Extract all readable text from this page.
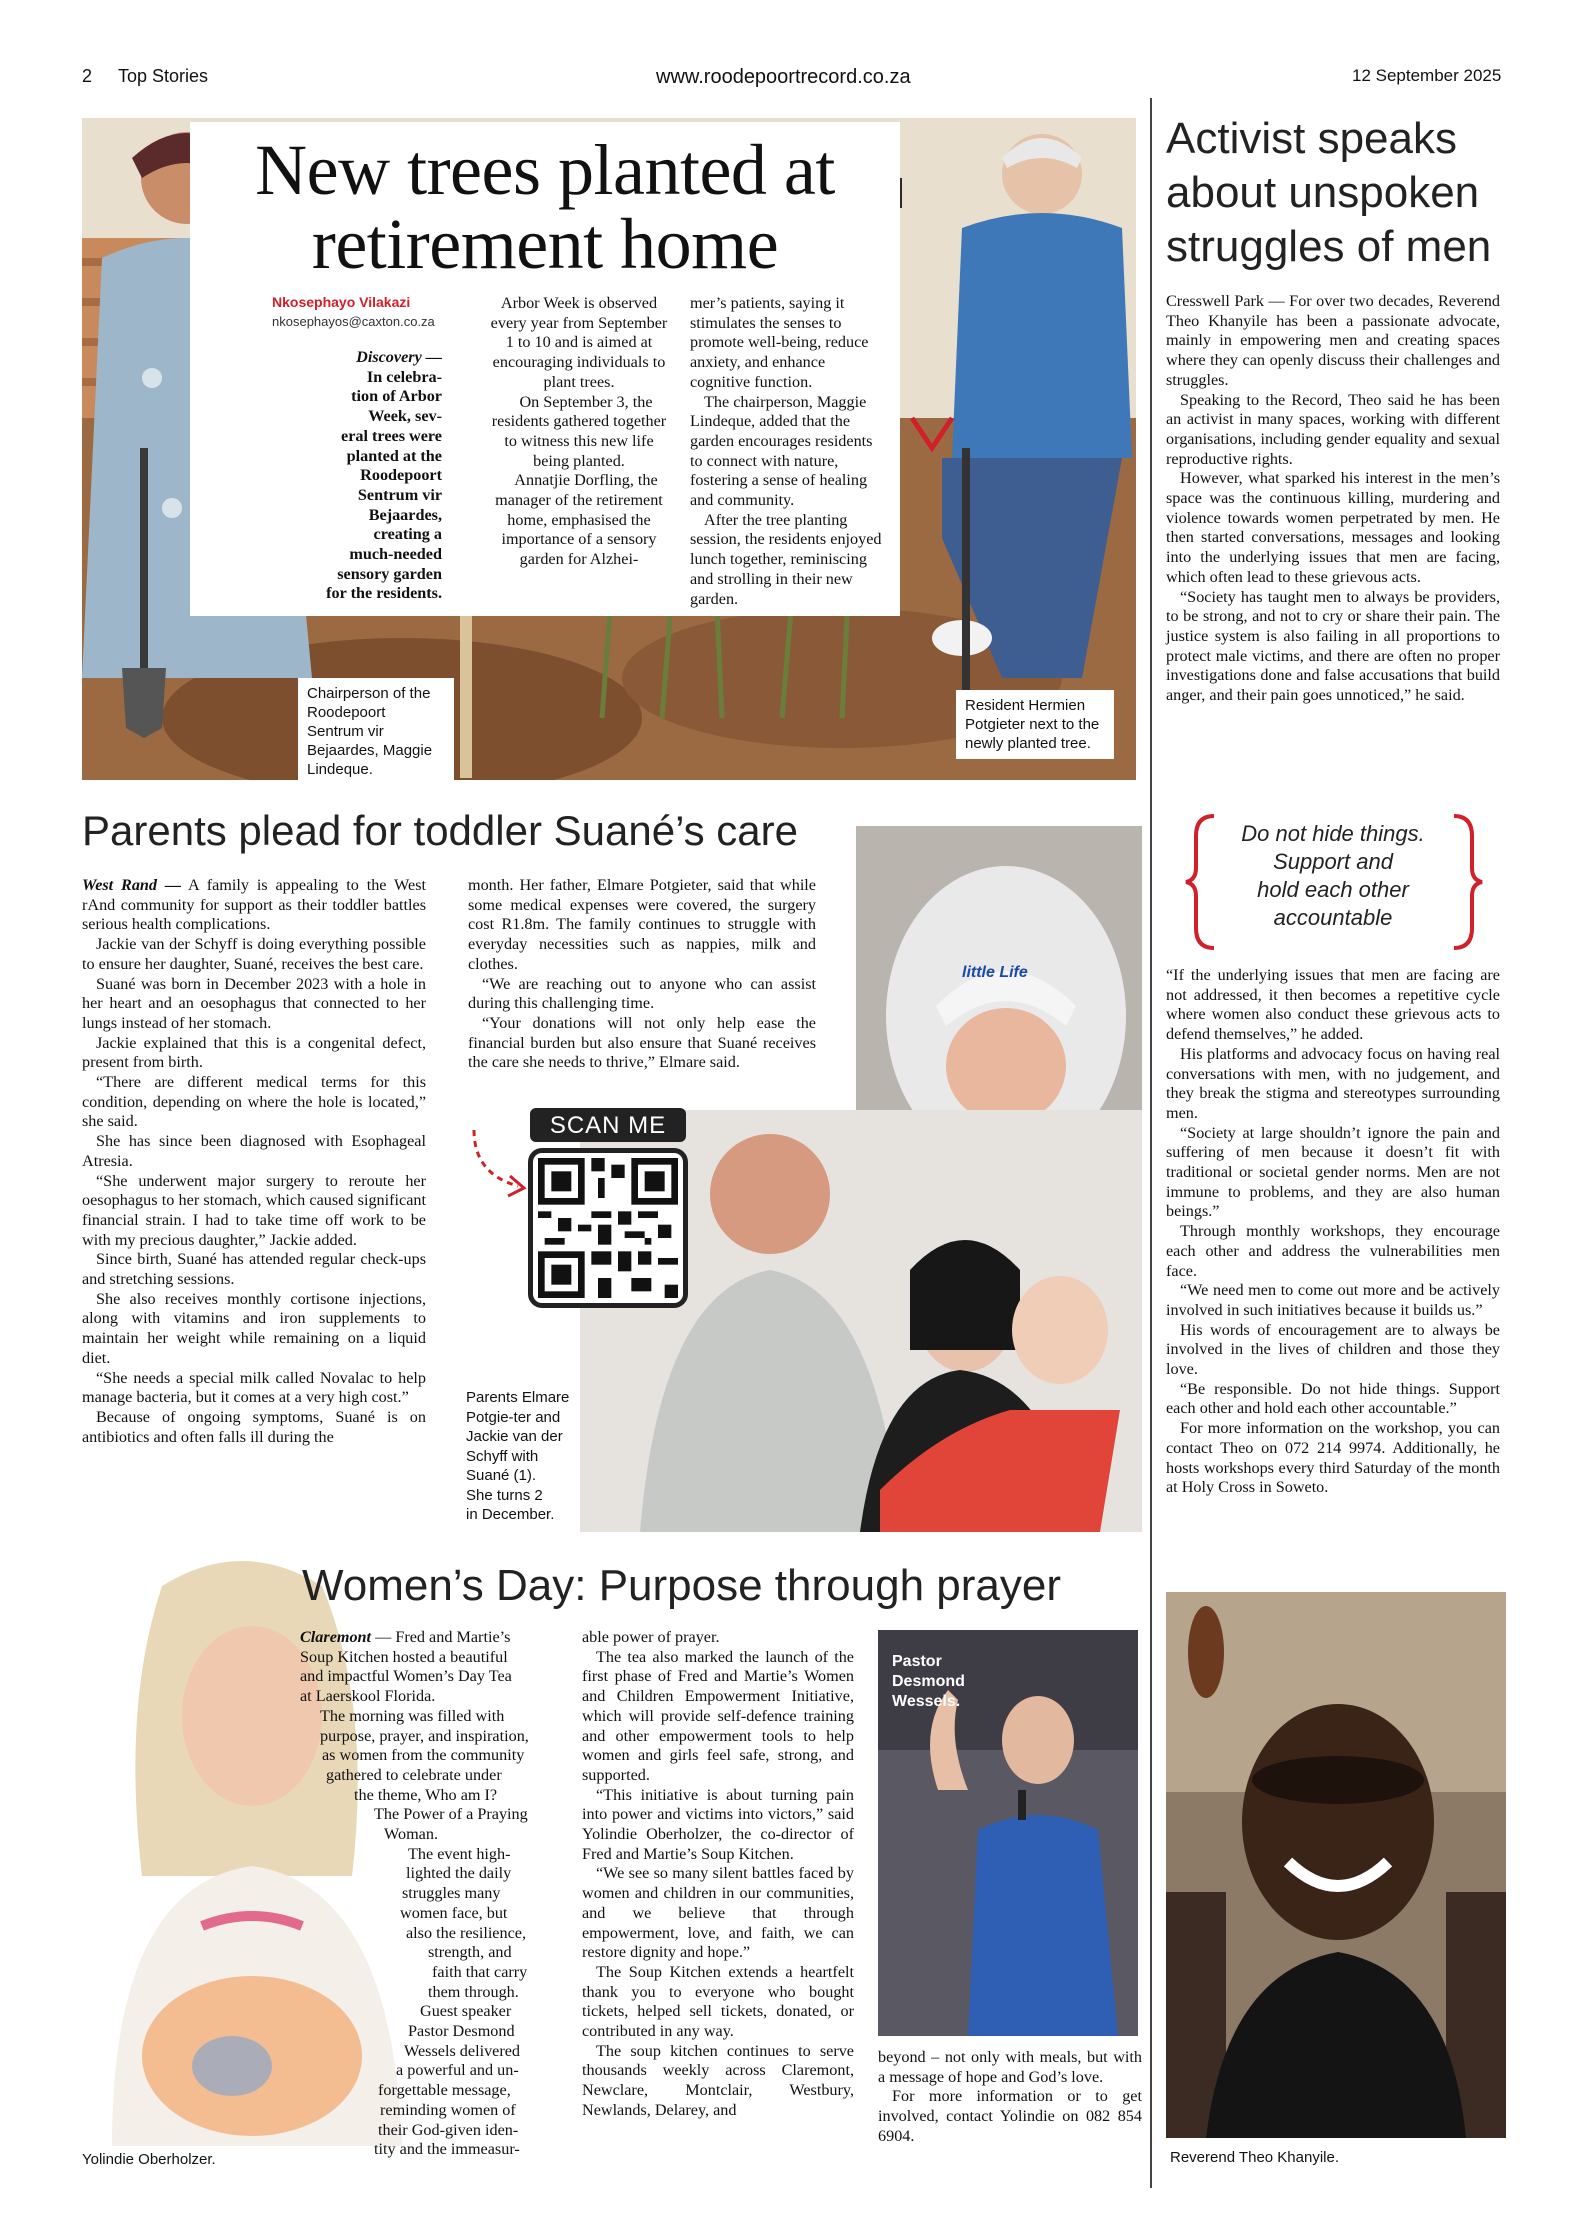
2 Top Stories	www.roodepoortrecord.co.za	12 September 2025
New trees planted at
retirement home
Nkosephayo Vilakazi
nkosephayos@caxton.co.za
Discovery —
In celebra-
tion of Arbor
Week, sev-
eral trees were
planted at the
Roodepoort
Sentrum vir
Bejaardes,
creating a
much-needed
sensory garden
for the residents.

Arbor Week is observed every year from September 1 to 10 and is aimed at encouraging individuals to plant trees.

On September 3, the residents gathered together to witness this new life being planted.

Annatjie Dorfling, the manager of the retirement home, emphasised the importance of a sensory garden for Alzhei-

mer’s patients, saying it stimulates the senses to promote well-being, reduce anxiety, and enhance cognitive function.

The chairperson, Maggie Lindeque, added that the garden encourages residents to connect with nature, fostering a sense of healing and community.

After the tree planting session, the residents enjoyed lunch together, reminiscing and strolling in their new garden.

Chairperson of the Roodepoort Sentrum vir Bejaardes, Maggie Lindeque.
Resident Hermien Potgieter next to the newly planted tree.
Activist speaks
about unspoken
struggles of men

Cresswell Park — For over two decades, Reverend Theo Khanyile has been a passionate advocate, mainly in empowering men and creating spaces where they can openly discuss their challenges and struggles.

Speaking to the Record, Theo said he has been an activist in many spaces, working with different organisations, including gender equality and sexual reproductive rights.

However, what sparked his interest in the men’s space was the continuous killing, murdering and violence towards women perpetrated by men. He then started conversations, messages and looking into the underlying issues that men are facing, which often lead to these grievous acts.

“Society has taught men to always be providers, to be strong, and not to cry or share their pain. The justice system is also failing in all proportions to protect male victims, and there are often no proper investigations done and false accusations that build anger, and their pain goes unnoticed,” he said.

Do not hide things.
Support and
hold each other
accountable

“If the underlying issues that men are facing are not addressed, it then becomes a repetitive cycle where women also conduct these grievous acts to defend themselves,” he added.

His platforms and advocacy focus on having real conversations with men, with no judgement, and they break the stigma and stereotypes surrounding men.

“Society at large shouldn’t ignore the pain and suffering of men because it doesn’t fit with traditional or societal gender norms. Men are not immune to problems, and they are also human beings.”

Through monthly workshops, they encourage each other and address the vulnerabilities men face.

“We need men to come out more and be actively involved in such initiatives because it builds us.”

His words of encouragement are to always be involved in the lives of children and those they love.

“Be responsible. Do not hide things. Support each other and hold each other accountable.”

For more information on the workshop, you can contact Theo on 072 214 9974. Additionally, he hosts workshops every third Saturday of the month at Holy Cross in Soweto.

Reverend Theo Khanyile.
Parents plead for toddler Suané’s care

West Rand — A family is appealing to the West rAnd community for support as their toddler battles serious health complications.

Jackie van der Schyff is doing everything possible to ensure her daughter, Suané, receives the best care.

Suané was born in December 2023 with a hole in her heart and an oesophagus that connected to her lungs instead of her stomach.

Jackie explained that this is a congenital defect, present from birth.

“There are different medical terms for this condition, depending on where the hole is located,” she said.

She has since been diagnosed with Esophageal Atresia.

“She underwent major surgery to reroute her oesophagus to her stomach, which caused significant financial strain. I had to take time off work to be with my precious daughter,” Jackie added.

Since birth, Suané has attended regular check-ups and stretching sessions.

She also receives monthly cortisone injections, along with vitamins and iron supplements to maintain her weight while remaining on a liquid diet.

“She needs a special milk called Novalac to help manage bacteria, but it comes at a very high cost.”

Because of ongoing symptoms, Suané is on antibiotics and often falls ill during the

month. Her father, Elmare Potgieter, said that while some medical expenses were covered, the surgery cost R1.8m. The family continues to struggle with everyday necessities such as nappies, milk and clothes.

“We are reaching out to anyone who can assist during this challenging time.

“Your donations will not only help ease the financial burden but also ensure that Suané receives the care she needs to thrive,” Elmare said.

little Life
SCAN ME
Parents Elmare
Potgie-ter and
Jackie van der
Schyff with
Suané (1).
She turns 2
in December.
Yolindie Oberholzer.
Women’s Day: Purpose through prayer
Claremont — Fred and Martie’s
Soup Kitchen hosted a beautiful
and impactful Women’s Day Tea
at Laerskool Florida.
The morning was filled with
purpose, prayer, and inspiration,
as women from the community
gathered to celebrate under
the theme, Who am I?
The Power of a Praying
Woman.
The event high-
lighted the daily
struggles many
women face, but
also the resilience,
strength, and
faith that carry
them through.
Guest speaker
Pastor Desmond
Wessels delivered
a powerful and un-
forgettable message,
reminding women of
their God-given iden-
tity and the immeasur-

able power of prayer.

The tea also marked the launch of the first phase of Fred and Martie’s Women and Children Empowerment Initiative, which will provide self-defence training and other empowerment tools to help women and girls feel safe, strong, and supported.

“This initiative is about turning pain into power and victims into victors,” said Yolindie Oberholzer, the co-director of Fred and Martie’s Soup Kitchen.

“We see so many silent battles faced by women and children in our communities, and we believe that through empowerment, love, and faith, we can restore dignity and hope.”

The Soup Kitchen extends a heartfelt thank you to everyone who bought tickets, helped sell tickets, donated, or contributed in any way.

The soup kitchen continues to serve thousands weekly across Claremont, Newclare, Montclair, Westbury, Newlands, Delarey, and

Pastor
Desmond
Wessels.

beyond – not only with meals, but with a message of hope and God’s love.

For more information or to get involved, contact Yolindie on 082 854 6904.
